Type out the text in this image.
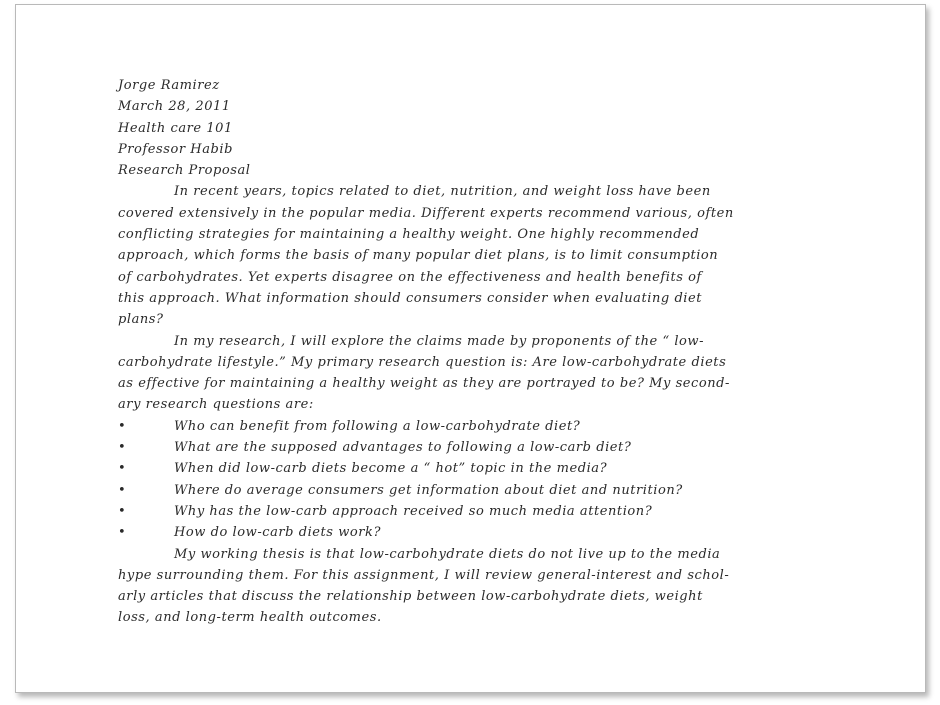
Jorge Ramirez
March 28, 2011
Health care 101
Professor Habib
Research Proposal
In recent years, topics related to diet, nutrition, and weight loss have been
covered extensively in the popular media. Different experts recommend various, often
conflicting strategies for maintaining a healthy weight. One highly recommended
approach, which forms the basis of many popular diet plans, is to limit consumption
of carbohydrates. Yet experts disagree on the effectiveness and health benefits of
this approach. What information should consumers consider when evaluating diet
plans?
In my research, I will explore the claims made by proponents of the “ low-
carbohydrate lifestyle.” My primary research question is: Are low-carbohydrate diets
as effective for maintaining a healthy weight as they are portrayed to be? My second-
ary research questions are:
•	Who can benefit from following a low-carbohydrate diet?
•	What are the supposed advantages to following a low-carb diet?
•	When did low-carb diets become a “ hot” topic in the media?
•	Where do average consumers get information about diet and nutrition?
•	Why has the low-carb approach received so much media attention?
•	How do low-carb diets work?
My working thesis is that low-carbohydrate diets do not live up to the media
hype surrounding them. For this assignment, I will review general-interest and schol-
arly articles that discuss the relationship between low-carbohydrate diets, weight
loss, and long-term health outcomes.
